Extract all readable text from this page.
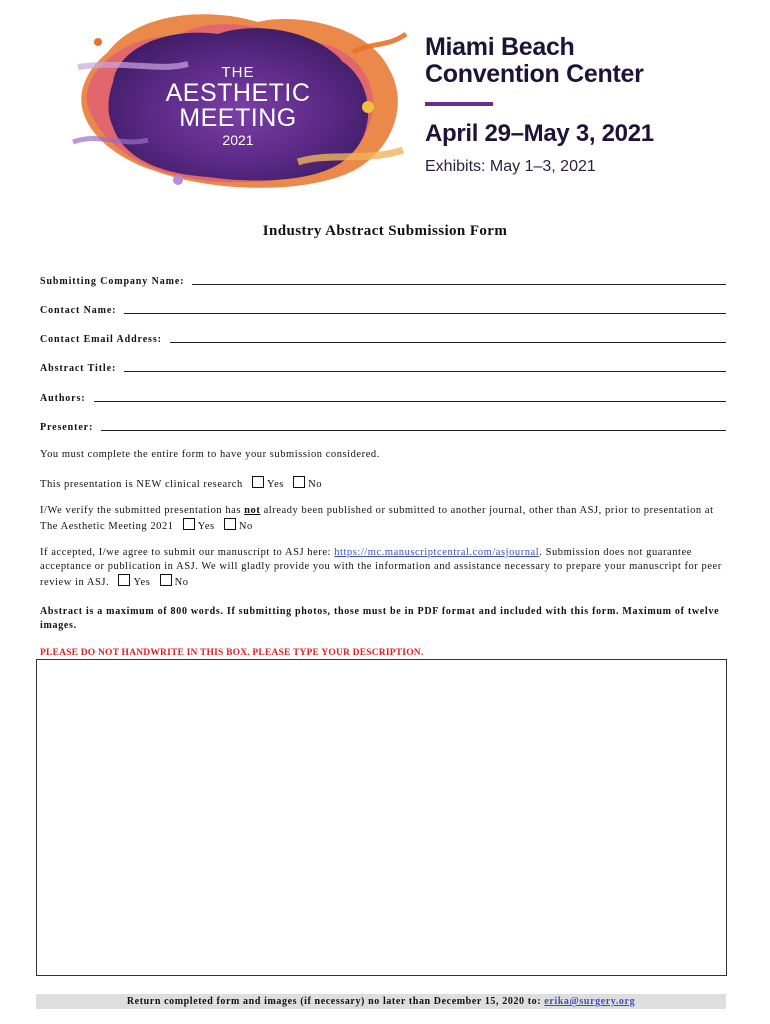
THE
AESTHETIC
MEETING
2021
Miami Beach
Convention Center
April 29–May 3, 2021
Exhibits: May 1–3, 2021
Industry Abstract Submission Form
Submitting Company Name:
Contact Name:
Contact Email Address:
Abstract Title:
Authors:
Presenter:
You must complete the entire form to have your submission considered.
This presentation is NEW clinical research Yes No
I/We verify the submitted presentation has not already been published or submitted to another journal, other than ASJ, prior to presentation at The Aesthetic Meeting 2021 Yes No
If accepted, I/we agree to submit our manuscript to ASJ here: https://mc.manuscriptcentral.com/asjournal. Submission does not guarantee acceptance or publication in ASJ. We will gladly provide you with the information and assistance necessary to prepare your manuscript for peer review in ASJ. Yes No
Abstract is a maximum of 800 words. If submitting photos, those must be in PDF format and included with this form. Maximum of twelve images.
PLEASE DO NOT HANDWRITE IN THIS BOX. PLEASE TYPE YOUR DESCRIPTION.
Return completed form and images (if necessary) no later than December 15, 2020 to: erika@surgery.org
